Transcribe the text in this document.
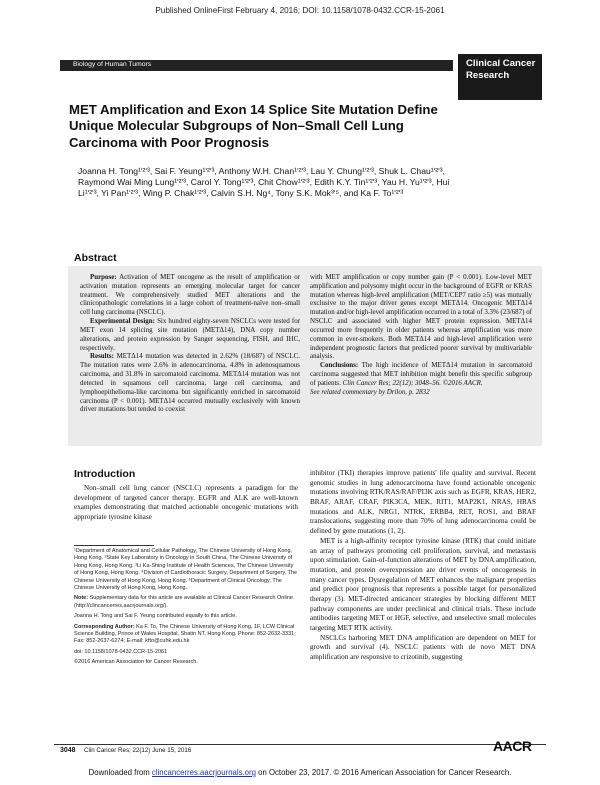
Published OnlineFirst February 4, 2016; DOI: 10.1158/1078-0432.CCR-15-2061
Biology of Human Tumors	Clinical Cancer Research
MET Amplification and Exon 14 Splice Site Mutation Define Unique Molecular Subgroups of Non–Small Cell Lung Carcinoma with Poor Prognosis
Joanna H. Tong¹ʹ²ʹ³, Sai F. Yeung¹ʹ²ʹ³, Anthony W.H. Chan¹ʹ²ʹ³, Lau Y. Chung¹ʹ²ʹ³, Shuk L. Chau¹ʹ²ʹ³, Raymond Wai Ming Lung¹ʹ²ʹ³, Carol Y. Tong¹ʹ²ʹ³, Chit Chow¹ʹ²ʹ³, Edith K.Y. Tin¹ʹ²ʹ³, Yau H. Yu¹ʹ²ʹ³, Hui Li¹ʹ²ʹ³, Yi Pan¹ʹ²ʹ³, Wing P. Chak¹ʹ²ʹ³, Calvin S.H. Ng⁴, Tony S.K. Mok³ʹ⁵, and Ka F. To¹ʹ²ʹ³
Abstract

Purpose: Activation of MET oncogene as the result of amplification or activation mutation represents an emerging molecular target for cancer treatment. We comprehensively studied MET alterations and the clinicopathologic correlations in a large cohort of treatment-naïve non–small cell lung carcinoma (NSCLC).

Experimental Design: Six hundred eighty-seven NSCLCs were tested for MET exon 14 splicing site mutation (METΔ14), DNA copy number alterations, and protein expression by Sanger sequencing, FISH, and IHC, respectively.

Results: METΔ14 mutation was detected in 2.62% (18/687) of NSCLC. The mutation rates were 2.6% in adenocarcinoma, 4.8% in adenosquamous carcinoma, and 31.8% in sarcomatoid carcinoma. METΔ14 mutation was not detected in squamous cell carcinoma, large cell carcinoma, and lymphoepithelioma-like carcinoma but significantly enriched in sarcomatoid carcinoma (P < 0.001). METΔ14 occurred mutually exclusively with known driver mutations but tended to coexist

with MET amplification or copy number gain (P < 0.001). Low-level MET amplification and polysomy might occur in the background of EGFR or KRAS mutation whereas high-level amplification (MET/CEP7 ratio ≥5) was mutually exclusive to the major driver genes except METΔ14. Oncogenic METΔ14 mutation and/or high-level amplification occurred in a total of 3.3% (23/687) of NSCLC and associated with higher MET protein expression. METΔ14 occurred more frequently in older patients whereas amplification was more common in ever-smokers. Both METΔ14 and high-level amplification were independent prognostic factors that predicted poorer survival by multivariable analysis.

Conclusions: The high incidence of METΔ14 mutation in sarcomatoid carcinoma suggested that MET inhibition might benefit this specific subgroup of patients. Clin Cancer Res; 22(12); 3048–56. ©2016 AACR.

See related commentary by Drilon, p. 2832
Introduction

Non–small cell lung cancer (NSCLC) represents a paradigm for the development of targeted cancer therapy. EGFR and ALK are well-known examples demonstrating that matched actionable oncogenic mutations with appropriate tyrosine kinase

inhibitor (TKI) therapies improve patients' life quality and survival. Recent genomic studies in lung adenocarcinoma have found actionable oncogenic mutations involving RTK/RAS/RAF/PI3K axis such as EGFR, KRAS, HER2, BRAF, ARAF, CRAF, PIK3CA, MEK, RIT1, MAP2K1, NRAS, HRAS mutations and ALK, NRG1, NTRK, ERBB4, RET, ROS1, and BRAF translocations, suggesting more than 70% of lung adenocarcinoma could be defined by gene mutations (1, 2).

MET is a high-affinity receptor tyrosine kinase (RTK) that could initiate an array of pathways promoting cell proliferation, survival, and metastasis upon stimulation. Gain-of-function alterations of MET by DNA amplification, mutation, and protein overexpression are driver events of oncogenesis in many cancer types. Dysregulation of MET enhances the malignant properties and predict poor prognosis that represents a possible target for personalized therapy (3). MET-directed anticancer strategies by blocking different MET pathway components are under preclinical and clinical trials. These include antibodies targeting MET or HGF, selective, and unselective small molecules targeting MET RTK activity.

NSCLCs harboring MET DNA amplification are dependent on MET for growth and survival (4). NSCLC patients with de novo MET DNA amplification are responsive to crizotinib, suggesting

¹Department of Anatomical and Cellular Pathology, The Chinese University of Hong Kong, Hong Kong. ²State Key Laboratory in Oncology in South China, The Chinese University of Hong Kong, Hong Kong. ³Li Ka-Shing Institute of Health Sciences, The Chinese University of Hong Kong, Hong Kong. ⁴Division of Cardiothoracic Surgery, Department of Surgery, The Chinese University of Hong Kong, Hong Kong. ⁵Department of Clinical Oncology, The Chinese University of Hong Kong, Hong Kong.

Note: Supplementary data for this article are available at Clinical Cancer Research Online (http://clincancerres.aacrjournals.org/).

Joanna H. Tong and Sai F. Yeung contributed equally to this article.

Corresponding Author: Ka F. To, The Chinese University of Hong Kong, 1F, LCW Clinical Science Building, Prince of Wales Hospital, Shatin NT, Hong Kong. Phone: 852-2632-3331; Fax: 852-2637-6274; E-mail: kfto@cuhk.edu.hk

doi: 10.1158/1078-0432.CCR-15-2061

©2016 American Association for Cancer Research.

3048 Clin Cancer Res; 22(12) June 15, 2016	AACR
Downloaded from clincancerres.aacrjournals.org on October 23, 2017. © 2016 American Association for Cancer Research.
